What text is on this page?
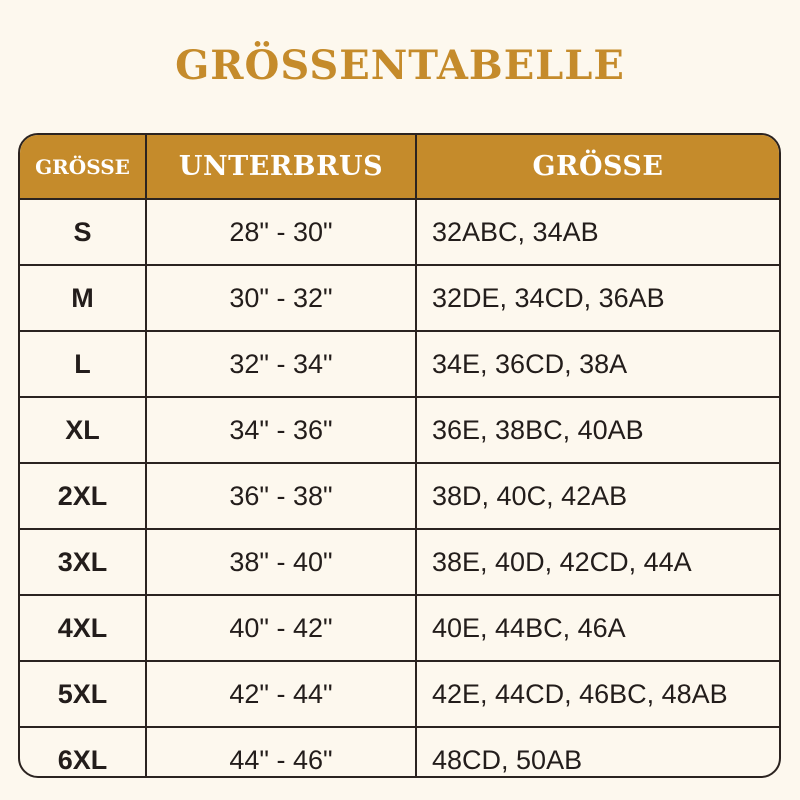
GRÖSSENTABELLE
GRÖSSE	UNTERBRUS	GRÖSSE
S	28" - 30"	32ABC, 34AB
M	30" - 32"	32DE, 34CD, 36AB
L	32" - 34"	34E, 36CD, 38A
XL	34" - 36"	36E, 38BC, 40AB
2XL	36" - 38"	38D, 40C, 42AB
3XL	38" - 40"	38E, 40D, 42CD, 44A
4XL	40" - 42"	40E, 44BC, 46A
5XL	42" - 44"	42E, 44CD, 46BC, 48AB
6XL	44" - 46"	48CD, 50AB
